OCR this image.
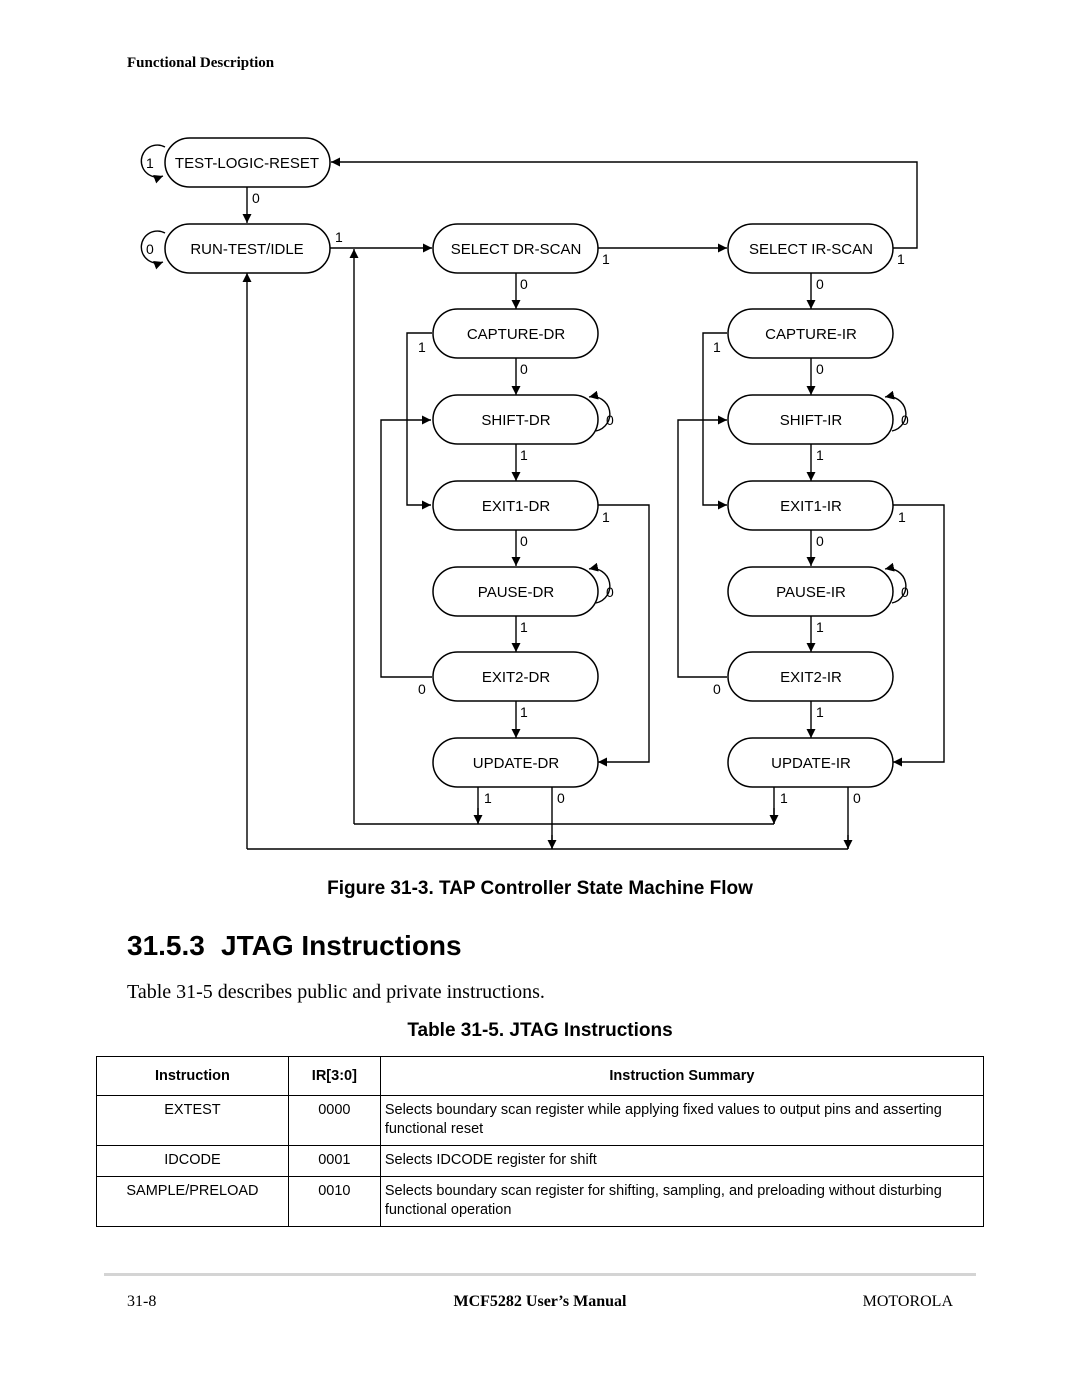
Functional Description
TEST-LOGIC-RESET
RUN-TEST/IDLE	SELECT DR-SCAN	SELECT IR-SCAN
CAPTURE-DR	CAPTURE-IR
SHIFT-DR	SHIFT-IR
EXIT1-DR	EXIT1-IR
PAUSE-DR	PAUSE-IR
EXIT2-DR	EXIT2-IR
UPDATE-DR	UPDATE-IR
1
0
0
1
1	1
0	0
1	1
0	0
0	0
1	1
1	1
0	0
0	0
1	1
0	0
1	1
1	0	1	0
Figure 31-3. TAP Controller State Machine Flow
31.5.3 JTAG Instructions
Table 31-5 describes public and private instructions.
Table 31-5. JTAG Instructions
Instruction	IR[3:0]	Instruction Summary
EXTEST	0000	Selects boundary scan register while applying fixed values to output pins and asserting functional reset
IDCODE	0001	Selects IDCODE register for shift
SAMPLE/PRELOAD	0010	Selects boundary scan register for shifting, sampling, and preloading without disturbing functional operation
31-8	MCF5282 User’s Manual	MOTOROLA
